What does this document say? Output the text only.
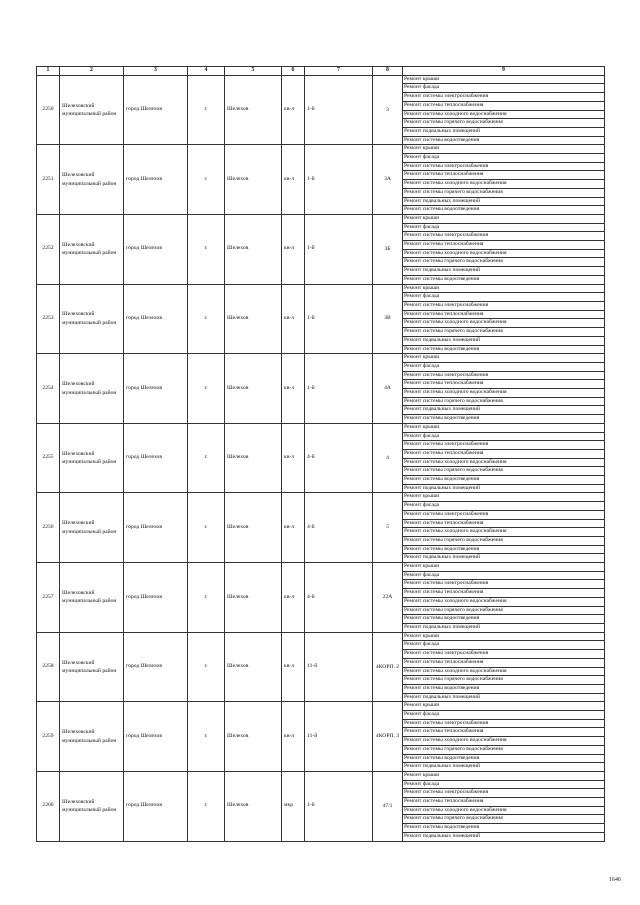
1	2	3	4	5	6	7	8	9
2250	Шелеховский муниципальный район	город Шелехов	г.	Шелехов	кв-л	1-й	3	Ремонт крыши
								Ремонт фасада
								Ремонт системы электроснабжения
								Ремонт системы теплоснабжения
								Ремонт системы холодного водоснабжения
								Ремонт системы горячего водоснабжения
								Ремонт подвальных помещений
								Ремонт системы водоотведения
2251	Шелеховский муниципальный район	город Шелехов	г.	Шелехов	кв-л	1-й	3А	Ремонт крыши
								Ремонт фасада
								Ремонт системы электроснабжения
								Ремонт системы теплоснабжения
								Ремонт системы холодного водоснабжения
								Ремонт системы горячего водоснабжения
								Ремонт подвальных помещений
								Ремонт системы водоотведения
2252	Шелеховский муниципальный район	город Шелехов	г.	Шелехов	кв-л	1-й	3Б	Ремонт крыши
								Ремонт фасада
								Ремонт системы электроснабжения
								Ремонт системы теплоснабжения
								Ремонт системы холодного водоснабжения
								Ремонт системы горячего водоснабжения
								Ремонт подвальных помещений
								Ремонт системы водоотведения
2253	Шелеховский муниципальный район	город Шелехов	г.	Шелехов	кв-л	1-й	3В	Ремонт крыши
								Ремонт фасада
								Ремонт системы электроснабжения
								Ремонт системы теплоснабжения
								Ремонт системы холодного водоснабжения
								Ремонт системы горячего водоснабжения
								Ремонт подвальных помещений
								Ремонт системы водоотведения
2254	Шелеховский муниципальный район	город Шелехов	г.	Шелехов	кв-л	1-й	4А	Ремонт крыши
								Ремонт фасада
								Ремонт системы электроснабжения
								Ремонт системы теплоснабжения
								Ремонт системы холодного водоснабжения
								Ремонт системы горячего водоснабжения
								Ремонт подвальных помещений
								Ремонт системы водоотведения
2255	Шелеховский муниципальный район	город Шелехов	г.	Шелехов	кв-л	4-й	4	Ремонт крыши
								Ремонт фасада
								Ремонт системы электроснабжения
								Ремонт системы теплоснабжения
								Ремонт системы холодного водоснабжения
								Ремонт системы горячего водоснабжения
								Ремонт системы водоотведения
								Ремонт подвальных помещений
2256	Шелеховский муниципальный район	город Шелехов	г.	Шелехов	кв-л	4-й	5	Ремонт крыши
								Ремонт фасада
								Ремонт системы электроснабжения
								Ремонт системы теплоснабжения
								Ремонт системы холодного водоснабжения
								Ремонт системы горячего водоснабжения
								Ремонт системы водоотведения
								Ремонт подвальных помещений
2257	Шелеховский муниципальный район	город Шелехов	г.	Шелехов	кв-л	4-й	22А	Ремонт крыши
								Ремонт фасада
								Ремонт системы электроснабжения
								Ремонт системы теплоснабжения
								Ремонт системы холодного водоснабжения
								Ремонт системы горячего водоснабжения
								Ремонт системы водоотведения
								Ремонт подвальных помещений
2258	Шелеховский муниципальный район	город Шелехов	г.	Шелехов	кв-л	11-й	4КОРП. 2	Ремонт крыши
								Ремонт фасада
								Ремонт системы электроснабжения
								Ремонт системы теплоснабжения
								Ремонт системы холодного водоснабжения
								Ремонт системы горячего водоснабжения
								Ремонт системы водоотведения
								Ремонт подвальных помещений
2259	Шелеховский муниципальный район	город Шелехов	г.	Шелехов	кв-л	11-й	4КОРП. 3	Ремонт крыши
								Ремонт фасада
								Ремонт системы электроснабжения
								Ремонт системы теплоснабжения
								Ремонт системы холодного водоснабжения
								Ремонт системы горячего водоснабжения
								Ремонт системы водоотведения
								Ремонт подвальных помещений
2260	Шелеховский муниципальный район	город Шелехов	г.	Шелехов	мкр	1-й	47/1	Ремонт крыши
								Ремонт фасада
								Ремонт системы электроснабжения
								Ремонт системы теплоснабжения
								Ремонт системы холодного водоснабжения
								Ремонт системы горячего водоснабжения
								Ремонт системы водоотведения
								Ремонт подвальных помещений
1646
